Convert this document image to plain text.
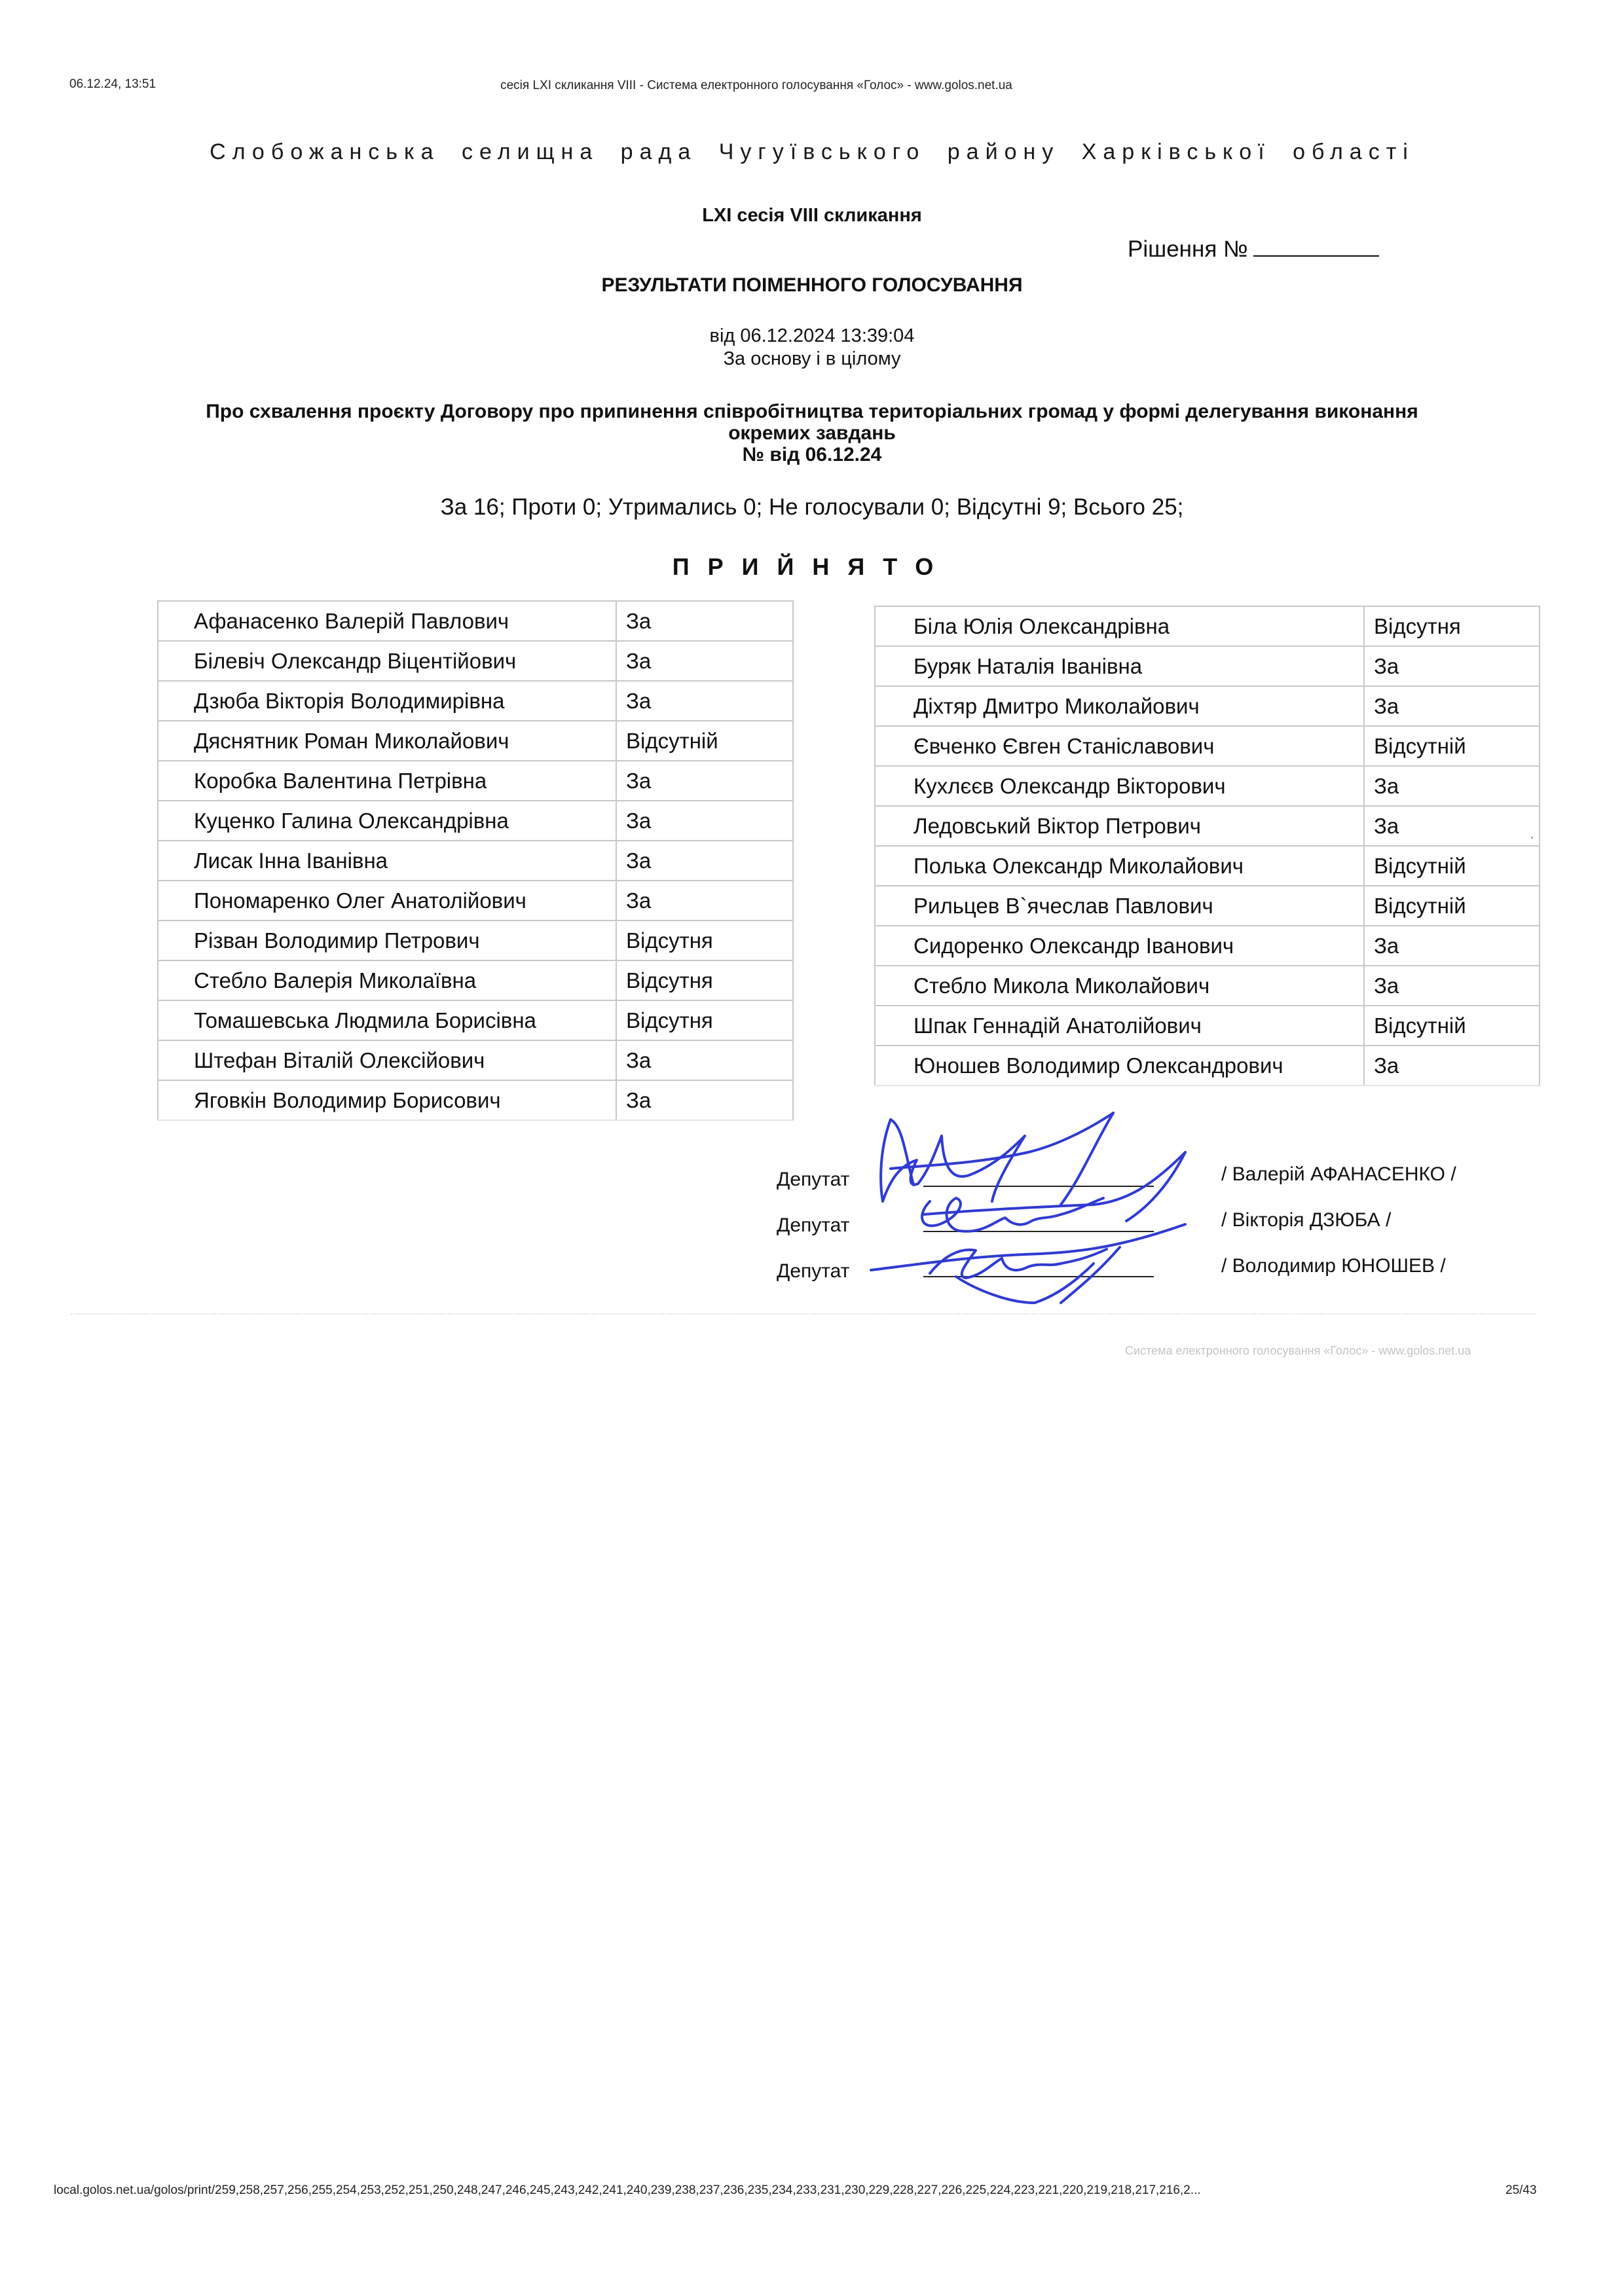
06.12.24, 13:51	сесія LXI скликання VIII - Система електронного голосування «Голос» - www.golos.net.ua
Слобожанська селищна рада Чугуївського району Харківської області
LXI сесія VIII скликання
Рішення №
РЕЗУЛЬТАТИ ПОІМЕННОГО ГОЛОСУВАННЯ
від 06.12.2024 13:39:04
За основу і в цілому
Про схвалення проєкту Договору про припинення співробітництва територіальних громад у формі делегування виконання
окремих завдань
№ від 06.12.24
За 16; Проти 0; Утримались 0; Не голосували 0; Відсутні 9; Всього 25;
ПРИЙНЯТО
Афанасенко Валерій Павлович	За
Білевіч Олександр Віцентійович	За
Дзюба Вікторія Володимирівна	За
Дяснятник Роман Миколайович	Відсутній
Коробка Валентина Петрівна	За
Куценко Галина Олександрівна	За
Лисак Інна Іванівна	За
Пономаренко Олег Анатолійович	За
Різван Володимир Петрович	Відсутня
Стебло Валерія Миколаївна	Відсутня
Томашевська Людмила Борисівна	Відсутня
Штефан Віталій Олексійович	За
Яговкін Володимир Борисович	За
Біла Юлія Олександрівна	Відсутня
Буряк Наталія Іванівна	За
Діхтяр Дмитро Миколайович	За
Євченко Євген Станіславович	Відсутній
Кухлєєв Олександр Вікторович	За
Ледовський Віктор Петрович	За
Полька Олександр Миколайович	Відсутній
Рильцев В`ячеслав Павлович	Відсутній
Сидоренко Олександр Іванович	За
Стебло Микола Миколайович	За
Шпак Геннадій Анатолійович	Відсутній
Юношев Володимир Олександрович	За
Депутат	/ Валерій АФАНАСЕНКО /
Депутат	/ Вікторія ДЗЮБА /
Депутат	/ Володимир ЮНОШЕВ /
Система електронного голосування «Голос» - www.golos.net.ua
local.golos.net.ua/golos/print/259,258,257,256,255,254,253,252,251,250,248,247,246,245,243,242,241,240,239,238,237,236,235,234,233,231,230,229,228,227,226,225,224,223,221,220,219,218,217,216,2...	25/43
